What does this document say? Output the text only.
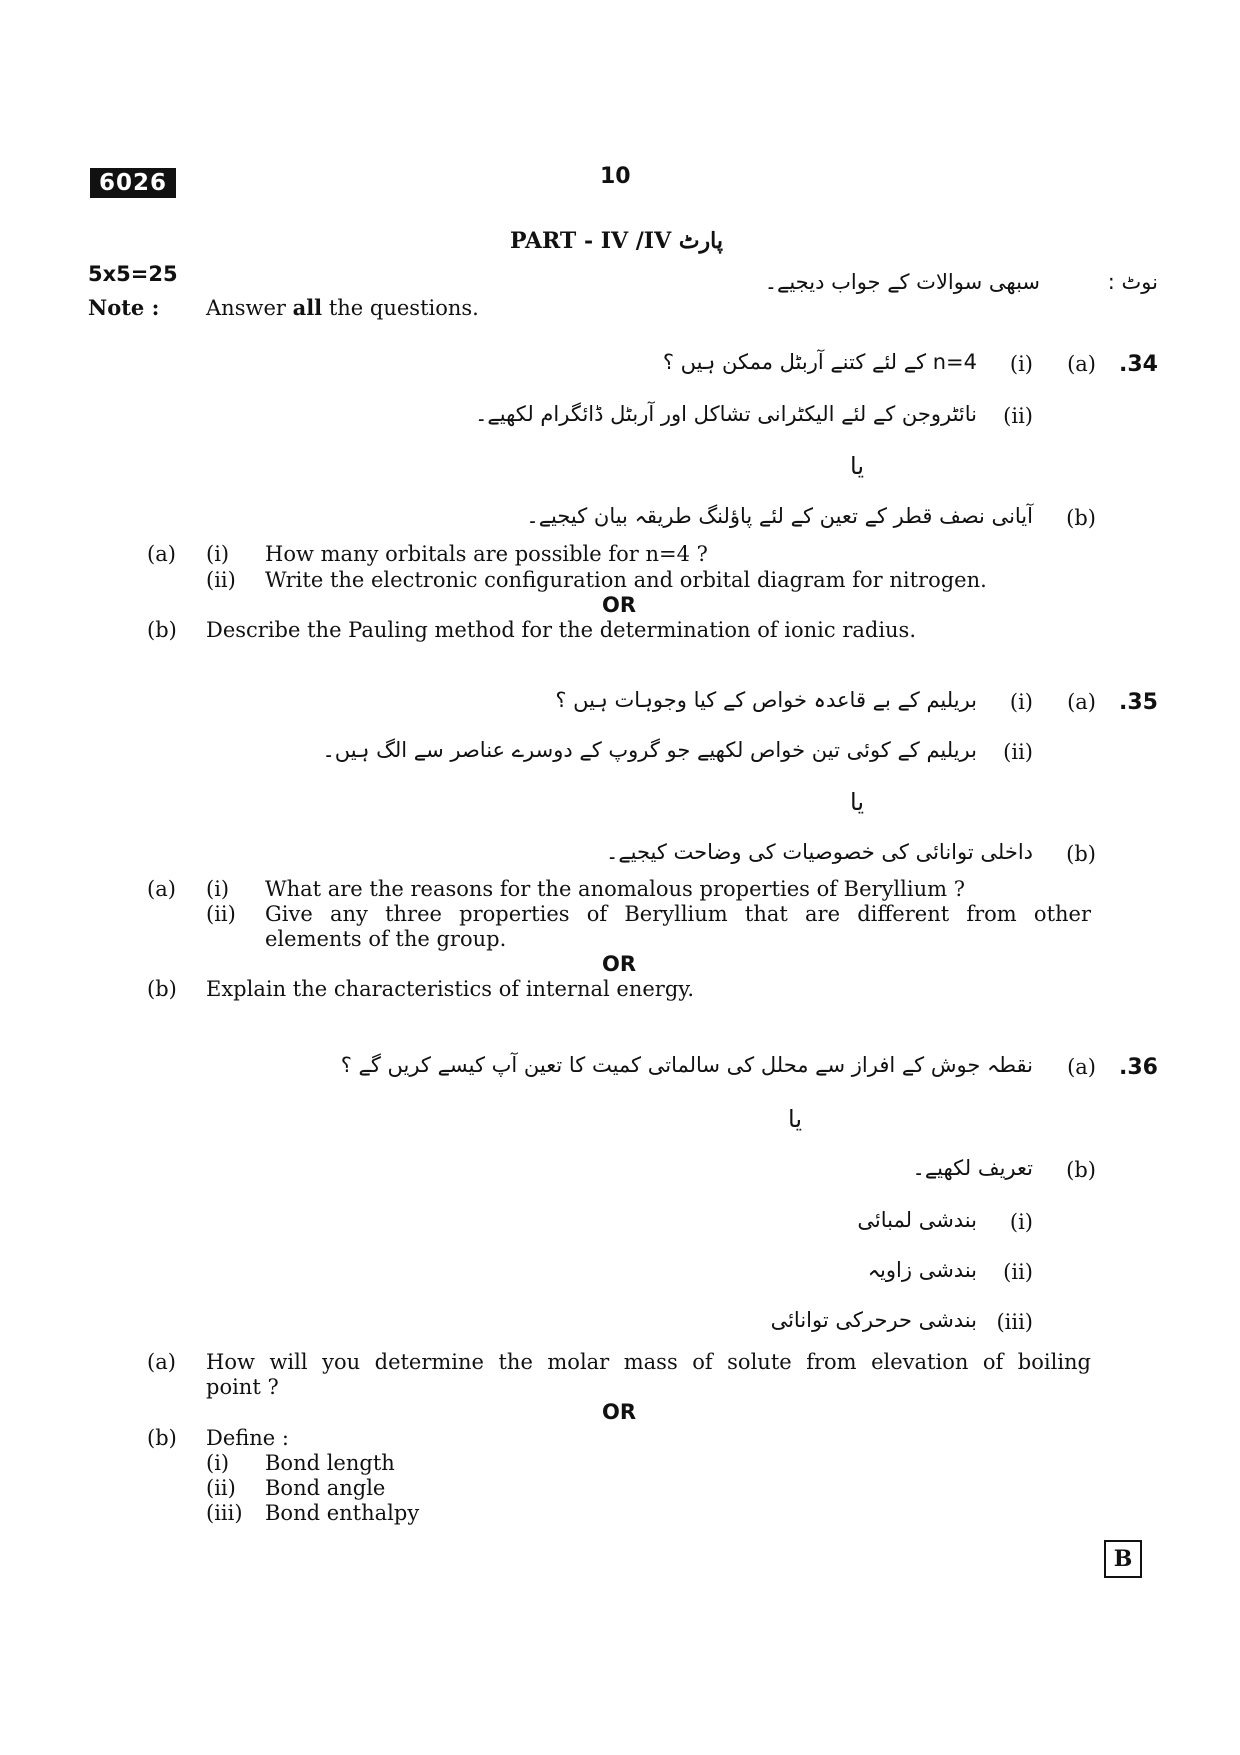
6026	10
PART - IV /IV پارٹ
5x5=25
Note : Answer all the questions.
نوٹ :
سبھی سوالات کے جواب دیجیے۔
.34
(a)
(i)
n=4 کے لئے کتنے آربٹل ممکن ہیں ؟
(ii)
نائٹروجن کے لئے الیکٹرانی تشاکل اور آربٹل ڈائگرام لکھیے۔
یا
(b)
آیانی نصف قطر کے تعین کے لئے پاؤلنگ طریقہ بیان کیجیے۔
(a) (i) How many orbitals are possible for n=4 ?
(ii) Write the electronic configuration and orbital diagram for nitrogen.
OR
(b) Describe the Pauling method for the determination of ionic radius.
.35
(a)
(i)
بریلیم کے بے قاعدہ خواص کے کیا وجوہات ہیں ؟
(ii)
بریلیم کے کوئی تین خواص لکھیے جو گروپ کے دوسرے عناصر سے الگ ہیں۔
یا
(b)
داخلی توانائی کی خصوصیات کی وضاحت کیجیے۔
(a) (i) What are the reasons for the anomalous properties of Beryllium ?
(ii) Give any three properties of Beryllium that are different from other
elements of the group.
OR
(b) Explain the characteristics of internal energy.
.36
(a)
نقطہ جوش کے افراز سے محلل کی سالماتی کمیت کا تعین آپ کیسے کریں گے ؟
یا
(b)
تعریف لکھیے۔
(i)
بندشی لمبائی
(ii)
بندشی زاویہ
(iii)
بندشی حرحرکی توانائی
(a) How will you determine the molar mass of solute from elevation of boiling
point ?
OR
(b) Define :
(i) Bond length
(ii) Bond angle
(iii) Bond enthalpy
B
